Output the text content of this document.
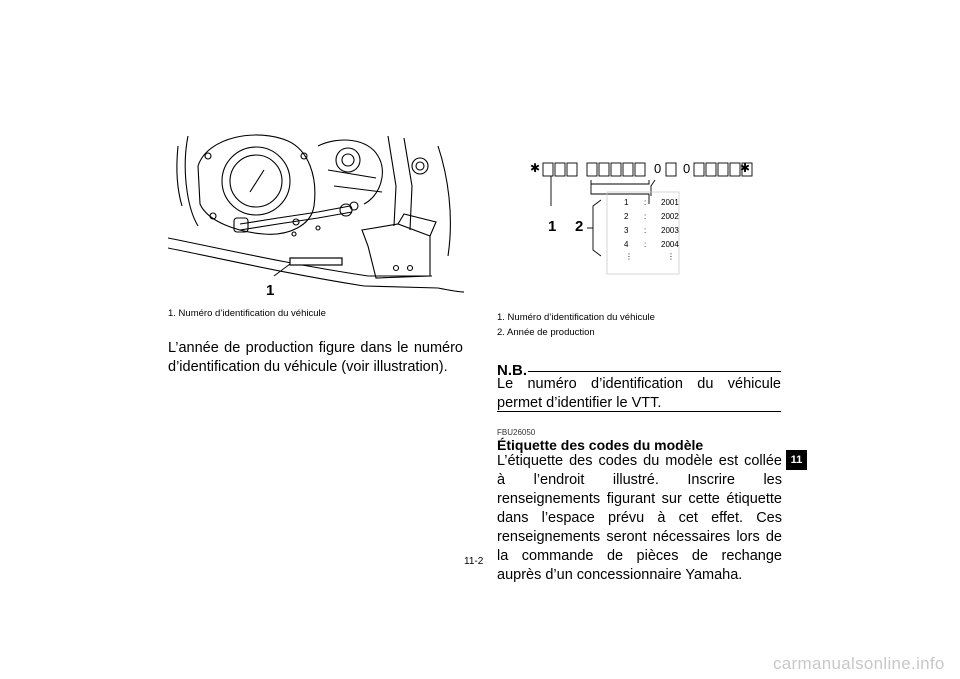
1
1. Numéro d’identification du véhicule
L’année de production figure dans le numéro d’identification du véhicule (voir illustration).
✱	0 0	✱
1 2
1 : 2001
2 : 2002
3 : 2003
4 : 2004
⋮	⋮
1. Numéro d’identification du véhicule
2. Année de production
N.B.
Le numéro d’identification du véhicule permet d’identifier le VTT.
FBU26050
Étiquette des codes du modèle
L’étiquette des codes du modèle est collée à l’endroit illustré. Inscrire les renseignements figurant sur cette étiquette dans l’espace prévu à cet effet. Ces renseignements seront nécessaires lors de la commande de pièces de rechange auprès d’un concessionnaire Yamaha.
11-2
11
carmanualsonline.info
